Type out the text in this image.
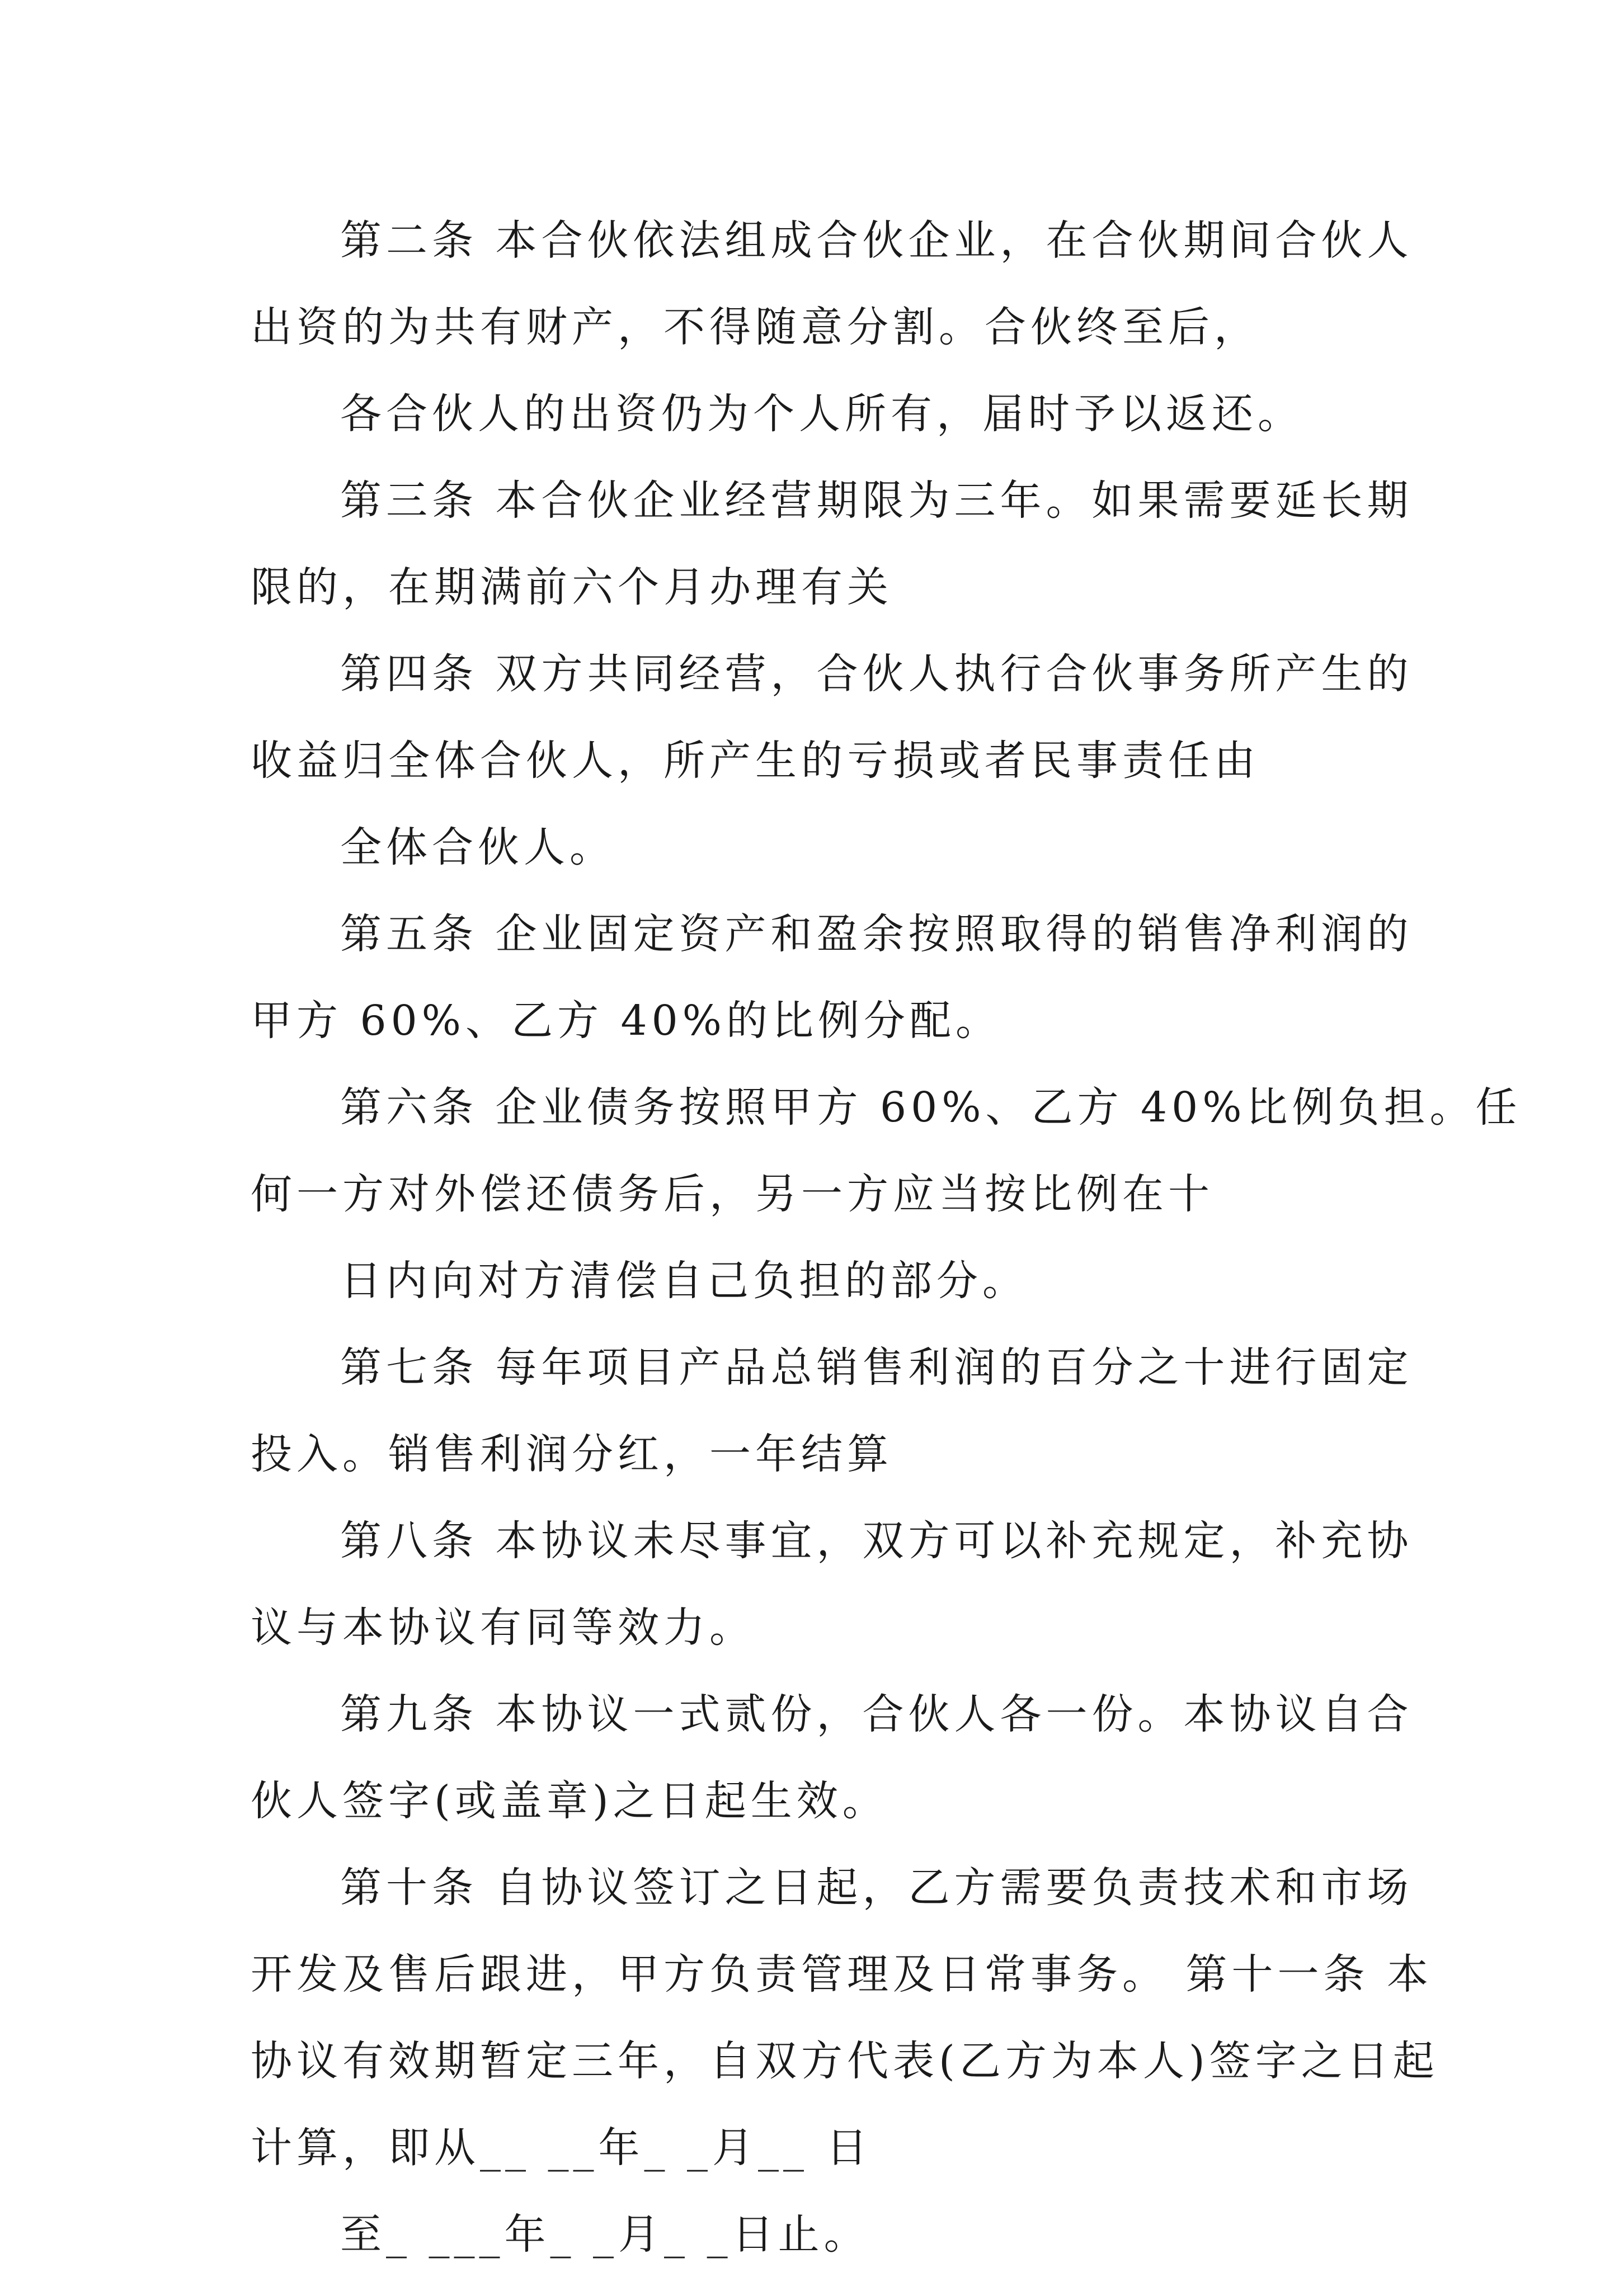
第二条 本合伙依法组成合伙企业，在合伙期间合伙人
出资的为共有财产，不得随意分割。合伙终至后，
各合伙人的出资仍为个人所有，届时予以返还。
第三条 本合伙企业经营期限为三年。如果需要延长期
限的，在期满前六个月办理有关
第四条 双方共同经营，合伙人执行合伙事务所产生的
收益归全体合伙人，所产生的亏损或者民事责任由
全体合伙人。
第五条 企业固定资产和盈余按照取得的销售净利润的
甲方 60%、乙方 40%的比例分配。
第六条 企业债务按照甲方 60%、乙方 40%比例负担。任
何一方对外偿还债务后，另一方应当按比例在十
日内向对方清偿自己负担的部分。
第七条 每年项目产品总销售利润的百分之十进行固定
投入。销售利润分红，一年结算
第八条 本协议未尽事宜，双方可以补充规定，补充协
议与本协议有同等效力。
第九条 本协议一式贰份，合伙人各一份。本协议自合
伙人签字(或盖章)之日起生效。
第十条 自协议签订之日起，乙方需要负责技术和市场
开发及售后跟进，甲方负责管理及日常事务。 第十一条 本
协议有效期暂定三年，自双方代表(乙方为本人)签字之日起
计算，即从__ __年_ _月__ 日
至_ ___年_ _月_ _日止。
